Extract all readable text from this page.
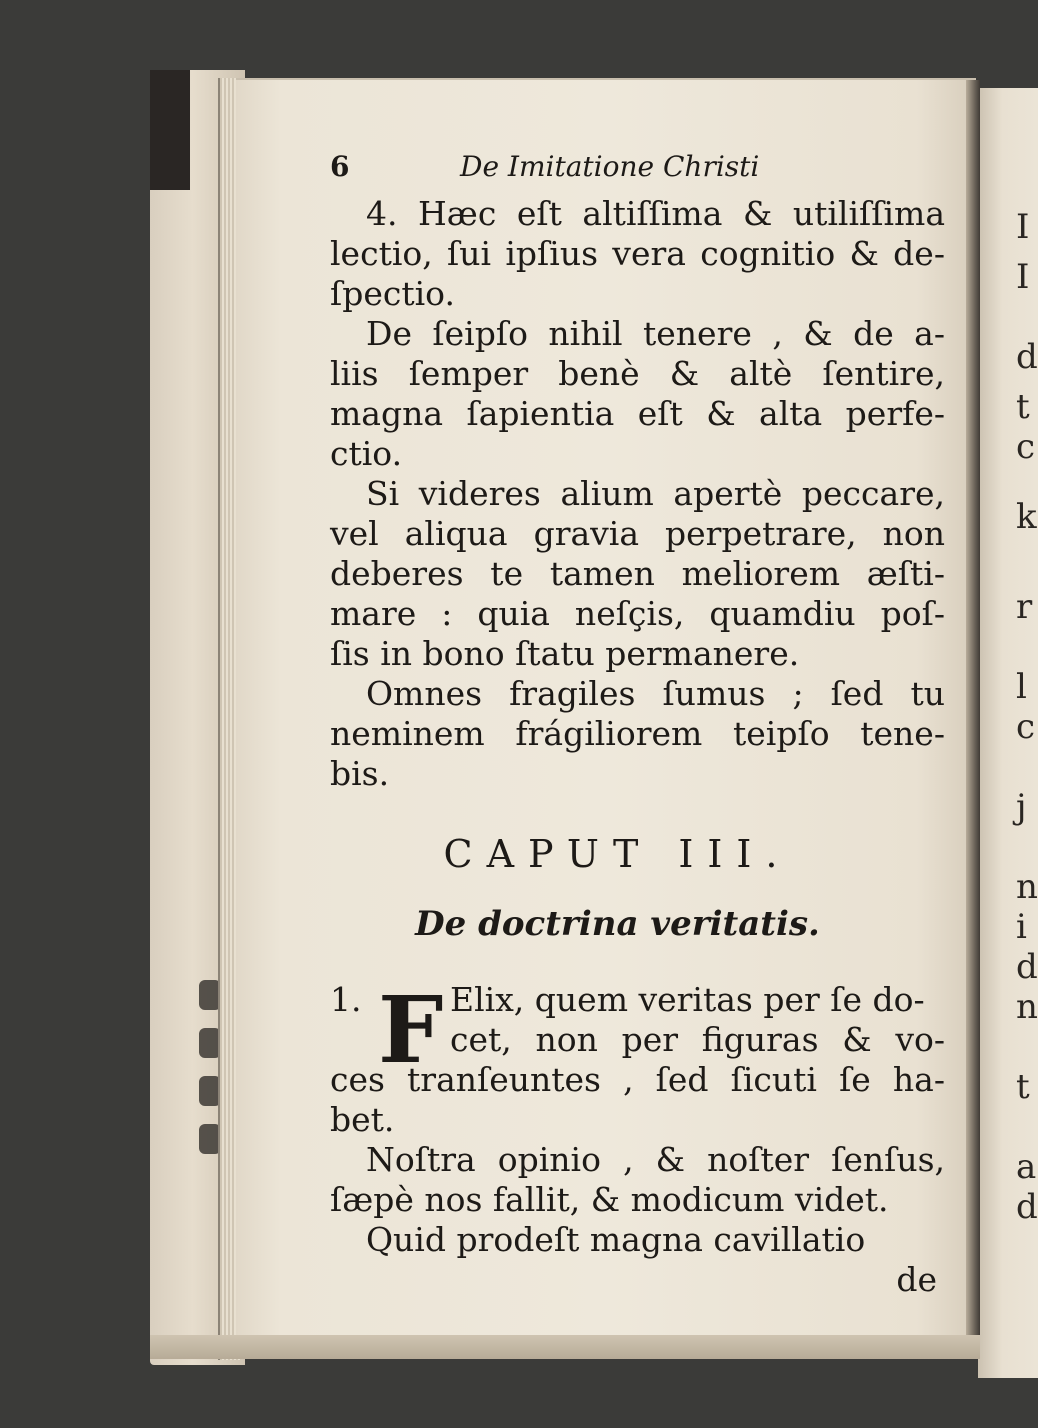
I
I
d
t
c
k
r
l
c
j
n
i
d
n
t
a
d
6	De Imitatione Christi
4. Hæc eſt altiſſima & utiliſſima
lectio, ſui ipſius vera cognitio & de-
ſpectio.
De ſeipſo nihil tenere , & de a-
liis ſemper benè & altè ſentire,
magna ſapientia eſt & alta perfe-
ctio.
Si videres alium apertè peccare,
vel aliqua gravia perpetrare, non
deberes te tamen meliorem æſti-
mare : quia neſçis, quamdiu poſ-
ſis in bono ſtatu permanere.
Omnes fragiles ſumus ; ſed tu
neminem frágiliorem teipſo tene-
bis.
CAPUT III.
De doctrina veritatis.
F
1.	Elix, quem veritas per ſe do-
cet, non per figuras & vo-
ces tranſeuntes , ſed ſicuti ſe ha-
bet.
Noſtra opinio , & noſter ſenſus,
ſæpè nos fallit, & modicum videt.
Quid prodeſt magna cavillatio
de
